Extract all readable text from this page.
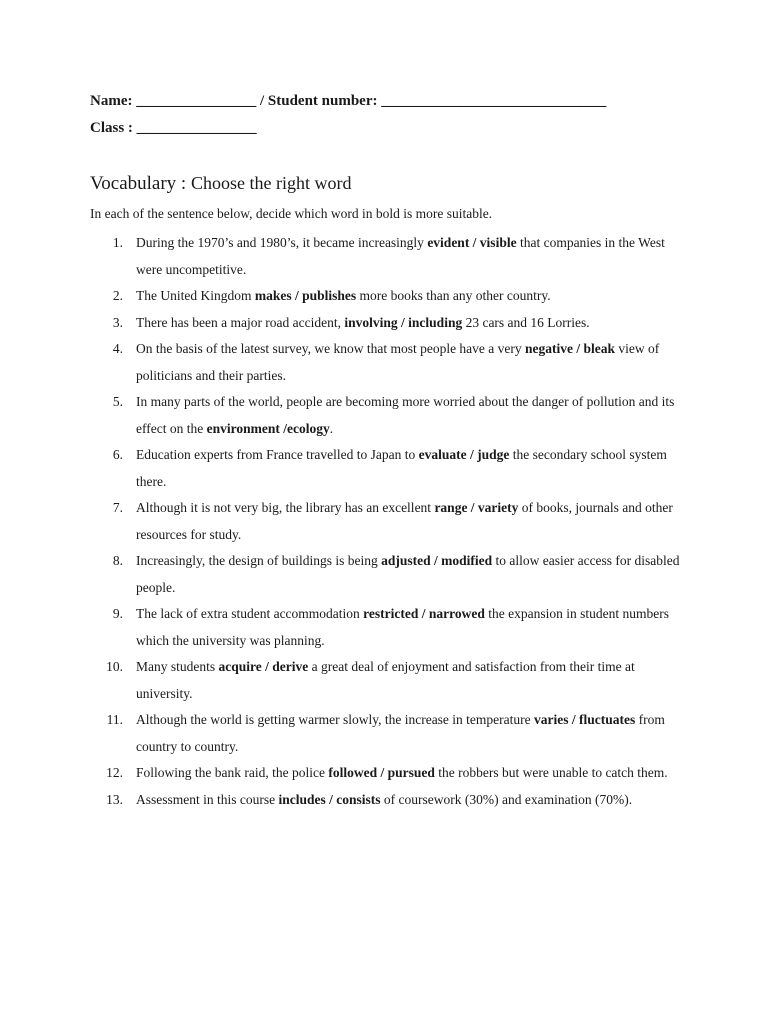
Name: ________________ / Student number: ______________________________
Class : ________________
Vocabulary : Choose the right word
In each of the sentence below, decide which word in bold is more suitable.
1. During the 1970’s and 1980’s, it became increasingly evident / visible that companies in the West were uncompetitive.
2. The United Kingdom makes / publishes more books than any other country.
3. There has been a major road accident, involving / including 23 cars and 16 Lorries.
4. On the basis of the latest survey, we know that most people have a very negative / bleak view of politicians and their parties.
5. In many parts of the world, people are becoming more worried about the danger of pollution and its effect on the environment /ecology.
6. Education experts from France travelled to Japan to evaluate / judge the secondary school system there.
7. Although it is not very big, the library has an excellent range / variety of books, journals and other resources for study.
8. Increasingly, the design of buildings is being adjusted / modified to allow easier access for disabled people.
9. The lack of extra student accommodation restricted / narrowed the expansion in student numbers which the university was planning.
10. Many students acquire / derive a great deal of enjoyment and satisfaction from their time at university.
11. Although the world is getting warmer slowly, the increase in temperature varies / fluctuates from country to country.
12. Following the bank raid, the police followed / pursued the robbers but were unable to catch them.
13. Assessment in this course includes / consists of coursework (30%) and examination (70%).
